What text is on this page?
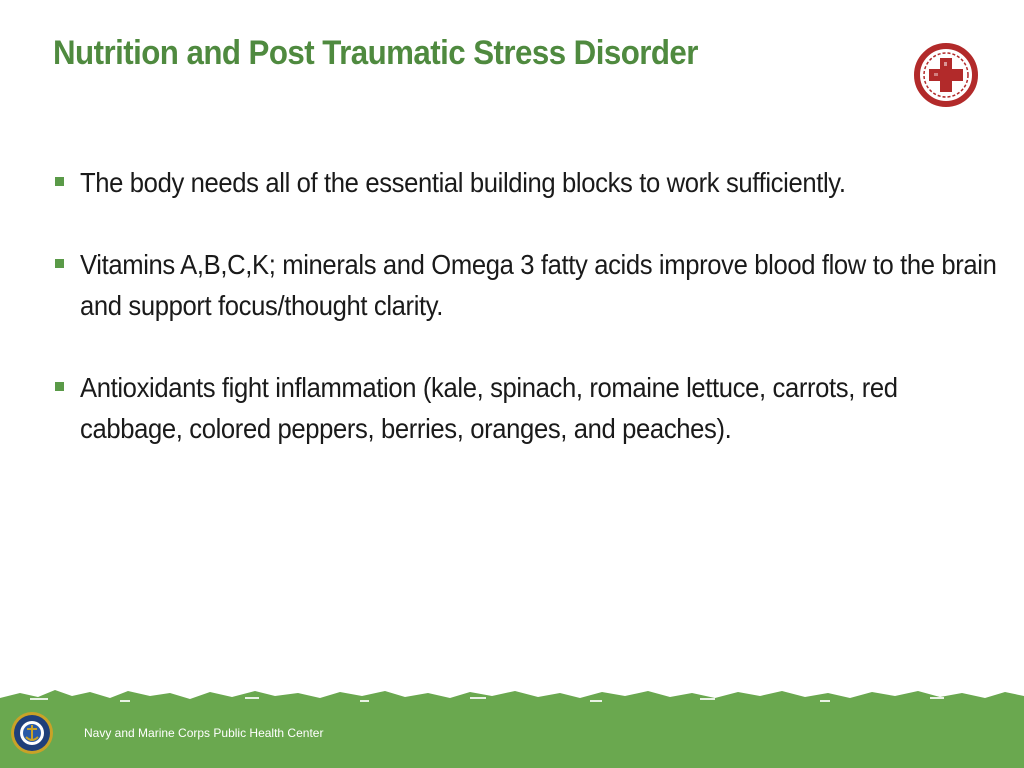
Nutrition and Post Traumatic Stress Disorder
The body needs all of the essential building blocks to work sufficiently.
Vitamins A,B,C,K; minerals and Omega 3 fatty acids improve blood flow to the brain and support focus/thought clarity.
Antioxidants fight inflammation (kale, spinach, romaine lettuce, carrots, red cabbage, colored peppers, berries, oranges, and peaches).
Navy and Marine Corps Public Health Center
